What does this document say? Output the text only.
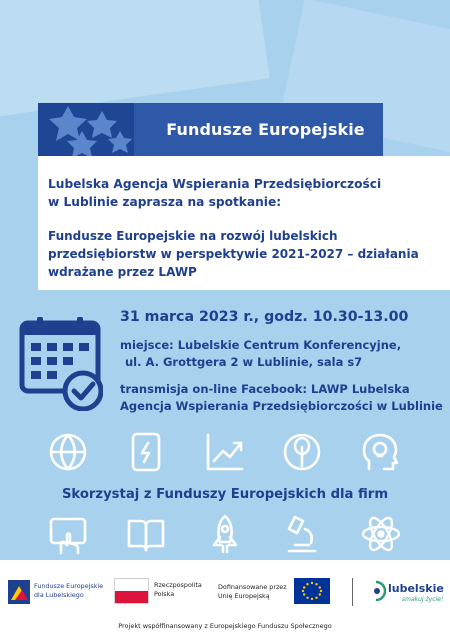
Fundusze Europejskie
Lubelska Agencja Wspierania Przedsiębiorczości
w Lublinie zaprasza na spotkanie:
Fundusze Europejskie na rozwój lubelskich
przedsiębiorstw w perspektywie 2021-2027 – działania
wdrażane przez LAWP
31 marca 2023 r., godz. 10.30-13.00
miejsce: Lubelskie Centrum Konferencyjne,
ul. A. Grottgera 2 w Lublinie, sala s7
transmisja on-line Facebook: LAWP Lubelska
Agencja Wspierania Przedsiębiorczości w Lublinie
Skorzystaj z Funduszy Europejskich dla firm
Fundusze Europejskie
dla Lubelskiego
Rzeczpospolita
Polska
Dofinansowane przez
Unię Europejską
lubelskie
smakuj życie!
Projekt współfinansowany z Europejskiego Funduszu Społecznego
